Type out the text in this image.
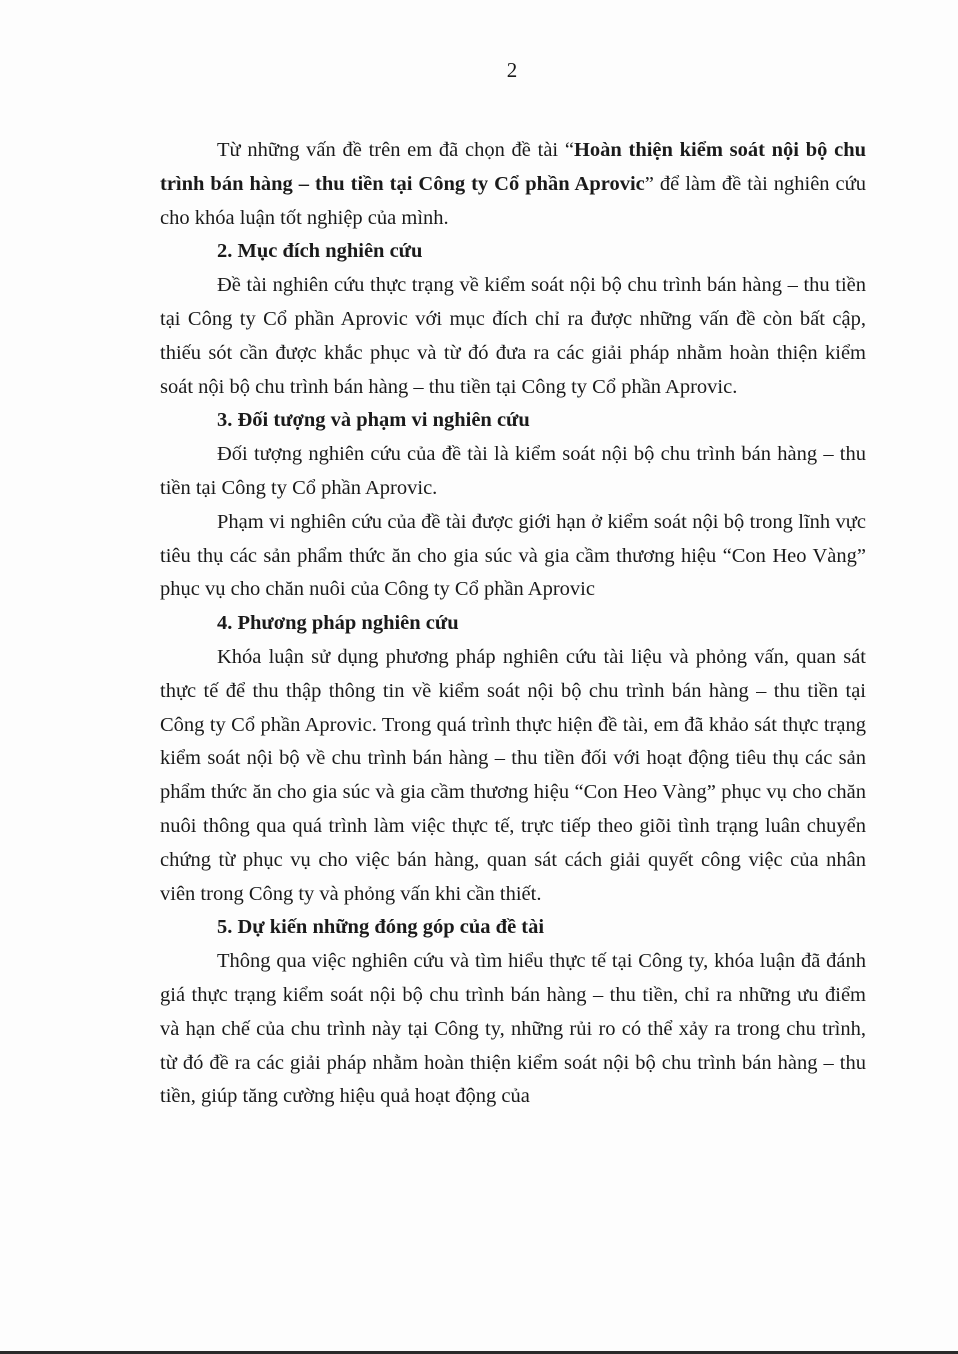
2

Từ những vấn đề trên em đã chọn đề tài “Hoàn thiện kiểm soát nội bộ chu trình bán hàng – thu tiền tại Công ty Cổ phần Aprovic” để làm đề tài nghiên cứu cho khóa luận tốt nghiệp của mình.

2. Mục đích nghiên cứu

Đề tài nghiên cứu thực trạng về kiểm soát nội bộ chu trình bán hàng – thu tiền tại Công ty Cổ phần Aprovic với mục đích chỉ ra được những vấn đề còn bất cập, thiếu sót cần được khắc phục và từ đó đưa ra các giải pháp nhằm hoàn thiện kiểm soát nội bộ chu trình bán hàng – thu tiền tại Công ty Cổ phần Aprovic.

3. Đối tượng và phạm vi nghiên cứu

Đối tượng nghiên cứu của đề tài là kiểm soát nội bộ chu trình bán hàng – thu tiền tại Công ty Cổ phần Aprovic.

Phạm vi nghiên cứu của đề tài được giới hạn ở kiểm soát nội bộ trong lĩnh vực tiêu thụ các sản phẩm thức ăn cho gia súc và gia cầm thương hiệu “Con Heo Vàng” phục vụ cho chăn nuôi của Công ty Cổ phần Aprovic

4. Phương pháp nghiên cứu

Khóa luận sử dụng phương pháp nghiên cứu tài liệu và phỏng vấn, quan sát thực tế để thu thập thông tin về kiểm soát nội bộ chu trình bán hàng – thu tiền tại Công ty Cổ phần Aprovic. Trong quá trình thực hiện đề tài, em đã khảo sát thực trạng kiểm soát nội bộ về chu trình bán hàng – thu tiền đối với hoạt động tiêu thụ các sản phẩm thức ăn cho gia súc và gia cầm thương hiệu “Con Heo Vàng” phục vụ cho chăn nuôi thông qua quá trình làm việc thực tế, trực tiếp theo giõi tình trạng luân chuyển chứng từ phục vụ cho việc bán hàng, quan sát cách giải quyết công việc của nhân viên trong Công ty và phỏng vấn khi cần thiết.

5. Dự kiến những đóng góp của đề tài

Thông qua việc nghiên cứu và tìm hiểu thực tế tại Công ty, khóa luận đã đánh giá thực trạng kiểm soát nội bộ chu trình bán hàng – thu tiền, chỉ ra những ưu điểm và hạn chế của chu trình này tại Công ty, những rủi ro có thể xảy ra trong chu trình, từ đó đề ra các giải pháp nhằm hoàn thiện kiểm soát nội bộ chu trình bán hàng – thu tiền, giúp tăng cường hiệu quả hoạt động của
